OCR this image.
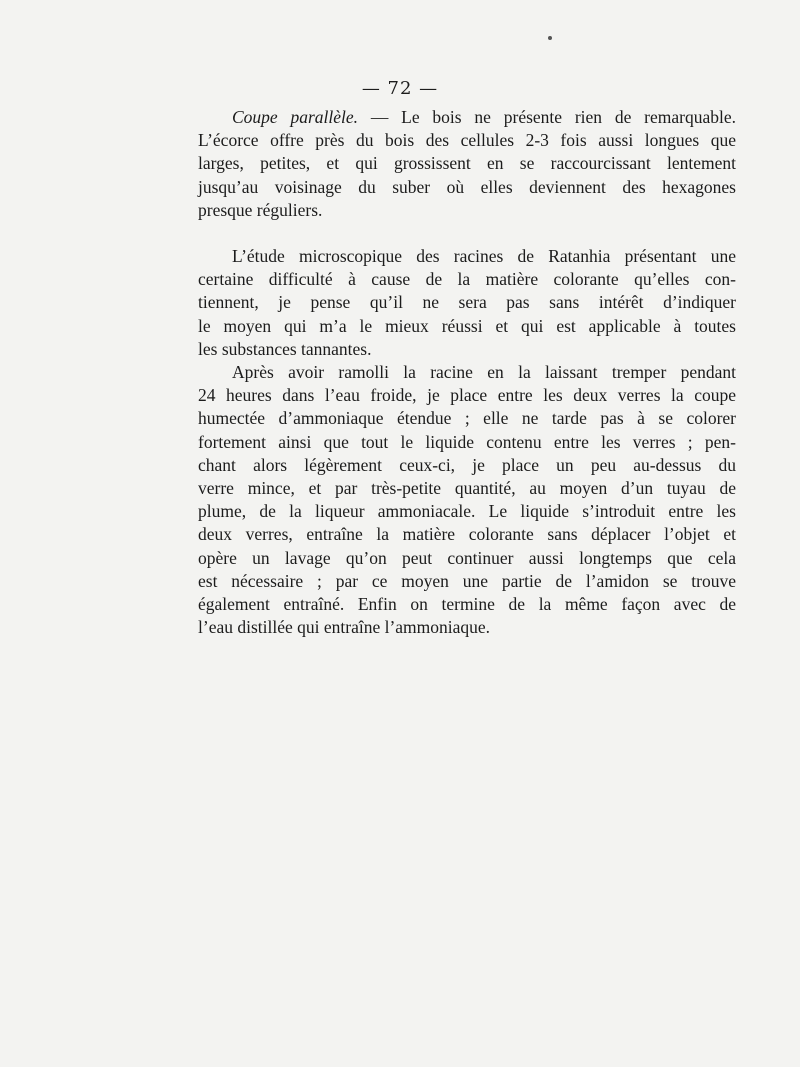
— 72 —
Coupe parallèle. — Le bois ne présente rien de remarquable.
L’écorce offre près du bois des cellules 2-3 fois aussi longues que
larges, petites, et qui grossissent en se raccourcissant lentement
jusqu’au voisinage du suber où elles deviennent des hexagones
presque réguliers.
L’étude microscopique des racines de Ratanhia présentant une
certaine difficulté à cause de la matière colorante qu’elles con-
tiennent, je pense qu’il ne sera pas sans intérêt d’indiquer
le moyen qui m’a le mieux réussi et qui est applicable à toutes
les substances tannantes.
Après avoir ramolli la racine en la laissant tremper pendant
24 heures dans l’eau froide, je place entre les deux verres la coupe
humectée d’ammoniaque étendue ; elle ne tarde pas à se colorer
fortement ainsi que tout le liquide contenu entre les verres ; pen-
chant alors légèrement ceux-ci, je place un peu au-dessus du
verre mince, et par très-petite quantité, au moyen d’un tuyau de
plume, de la liqueur ammoniacale. Le liquide s’introduit entre les
deux verres, entraîne la matière colorante sans déplacer l’objet et
opère un lavage qu’on peut continuer aussi longtemps que cela
est nécessaire ; par ce moyen une partie de l’amidon se trouve
également entraîné. Enfin on termine de la même façon avec de
l’eau distillée qui entraîne l’ammoniaque.
